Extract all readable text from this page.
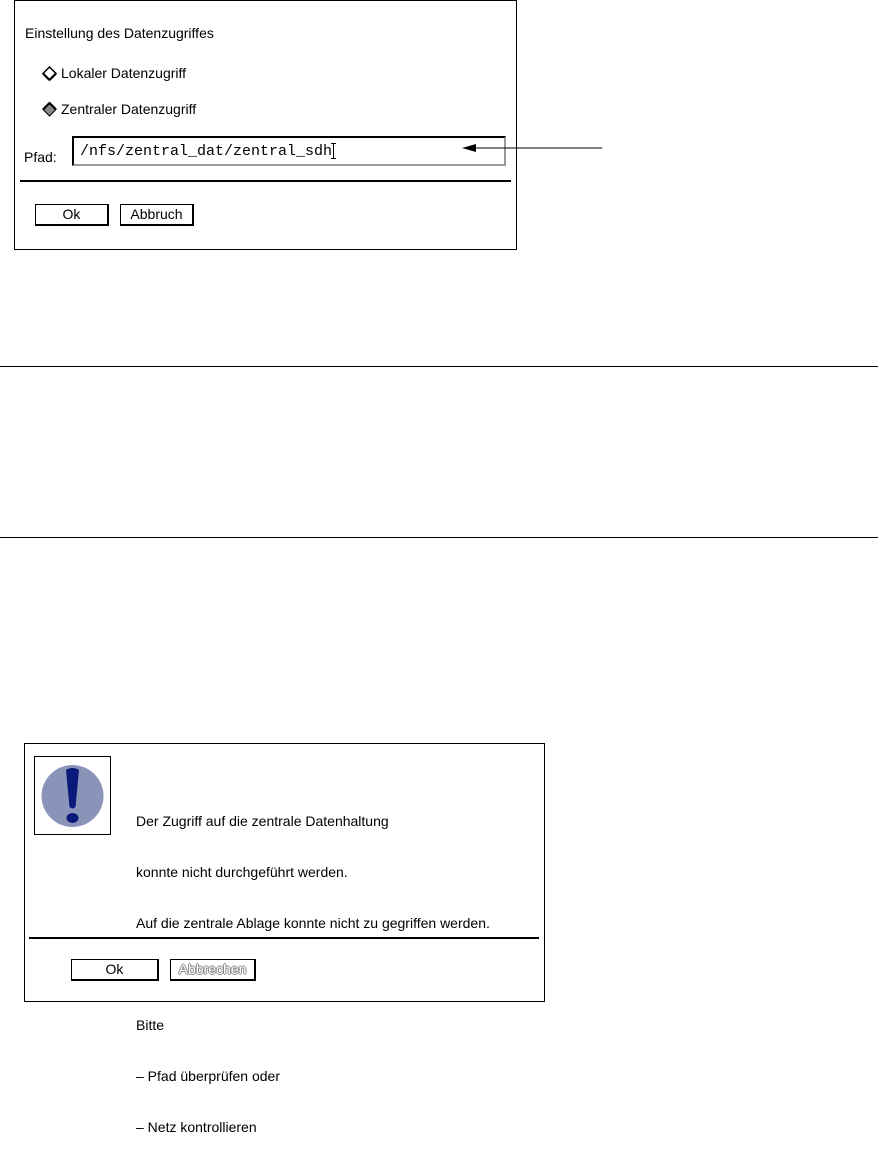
Einstellung des Datenzugriffes
Lokaler Datenzugriff
Zentraler Datenzugriff
Pfad: /nfs/zentral_dat/zentral_sdh
Ok	Abbruch

Der Zugriff auf die zentrale Datenhaltung

konnte nicht durchgeführt werden.

Auf die zentrale Ablage konnte nicht zu gegriffen werden.

Bitte

– Pfad überprüfen oder

– Netz kontrollieren

Ok	Abbrechen
